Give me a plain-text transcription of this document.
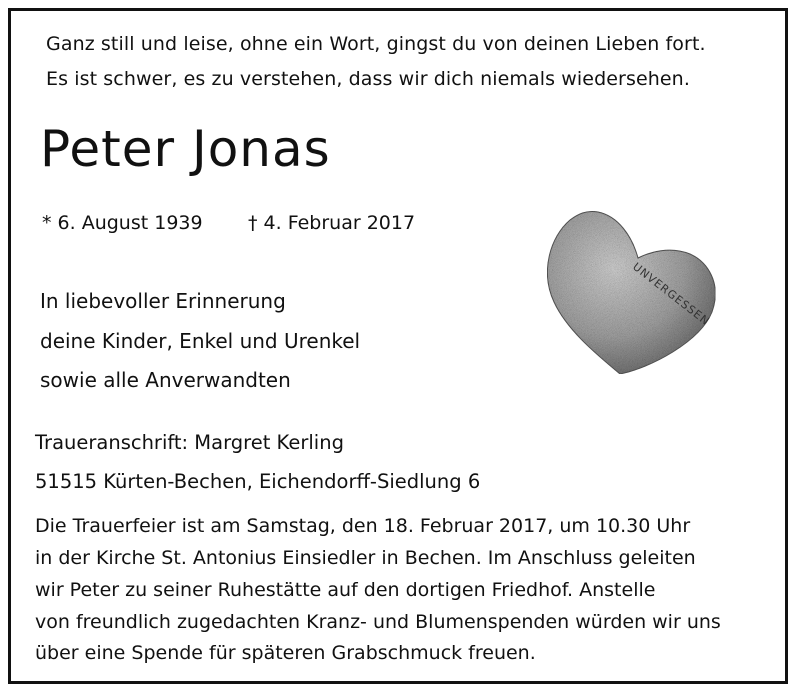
Ganz still und leise, ohne ein Wort, gingst du von deinen Lieben fort.
Es ist schwer, es zu verstehen, dass wir dich niemals wiedersehen.
Peter Jonas
* 6. August 1939 † 4. Februar 2017
UNVERGESSEN
In liebevoller Erinnerung
deine Kinder, Enkel und Urenkel
sowie alle Anverwandten
Traueranschrift: Margret Kerling
51515 Kürten-Bechen, Eichendorff-Siedlung 6
Die Trauerfeier ist am Samstag, den 18. Februar 2017, um 10.30 Uhr
in der Kirche St. Antonius Einsiedler in Bechen. Im Anschluss geleiten
wir Peter zu seiner Ruhestätte auf den dortigen Friedhof. Anstelle
von freundlich zugedachten Kranz- und Blumenspenden würden wir uns
über eine Spende für späteren Grabschmuck freuen.
